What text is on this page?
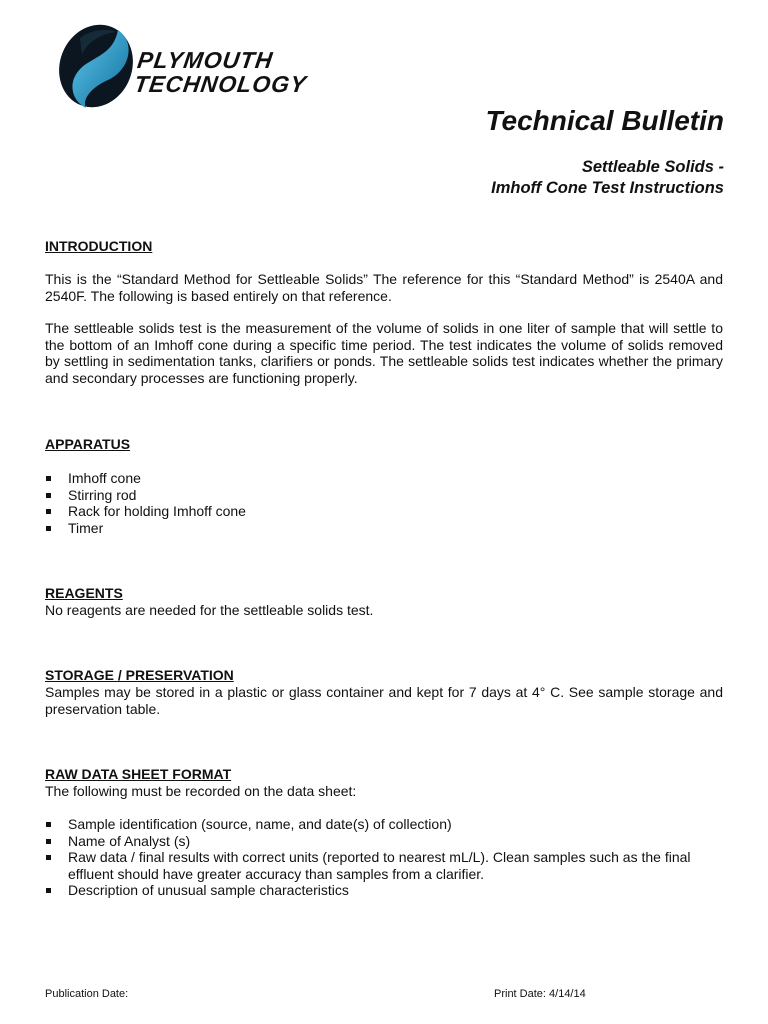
PLYMOUTH
TECHNOLOGY
Technical Bulletin
Settleable Solids -
Imhoff Cone Test Instructions
INTRODUCTION
This is the “Standard Method for Settleable Solids” The reference for this “Standard Method” is 2540A and 2540F. The following is based entirely on that reference.
The settleable solids test is the measurement of the volume of solids in one liter of sample that will settle to the bottom of an Imhoff cone during a specific time period. The test indicates the volume of solids removed by settling in sedimentation tanks, clarifiers or ponds. The settleable solids test indicates whether the primary and secondary processes are functioning properly.
APPARATUS
Imhoff cone
Stirring rod
Rack for holding Imhoff cone
Timer
REAGENTS
No reagents are needed for the settleable solids test.
STORAGE / PRESERVATION
Samples may be stored in a plastic or glass container and kept for 7 days at 4° C. See sample storage and preservation table.
RAW DATA SHEET FORMAT
The following must be recorded on the data sheet:
Sample identification (source, name, and date(s) of collection)
Name of Analyst (s)
Raw data / final results with correct units (reported to nearest mL/L). Clean samples such as the final effluent should have greater accuracy than samples from a clarifier.
Description of unusual sample characteristics
Publication Date:	Print Date: 4/14/14
